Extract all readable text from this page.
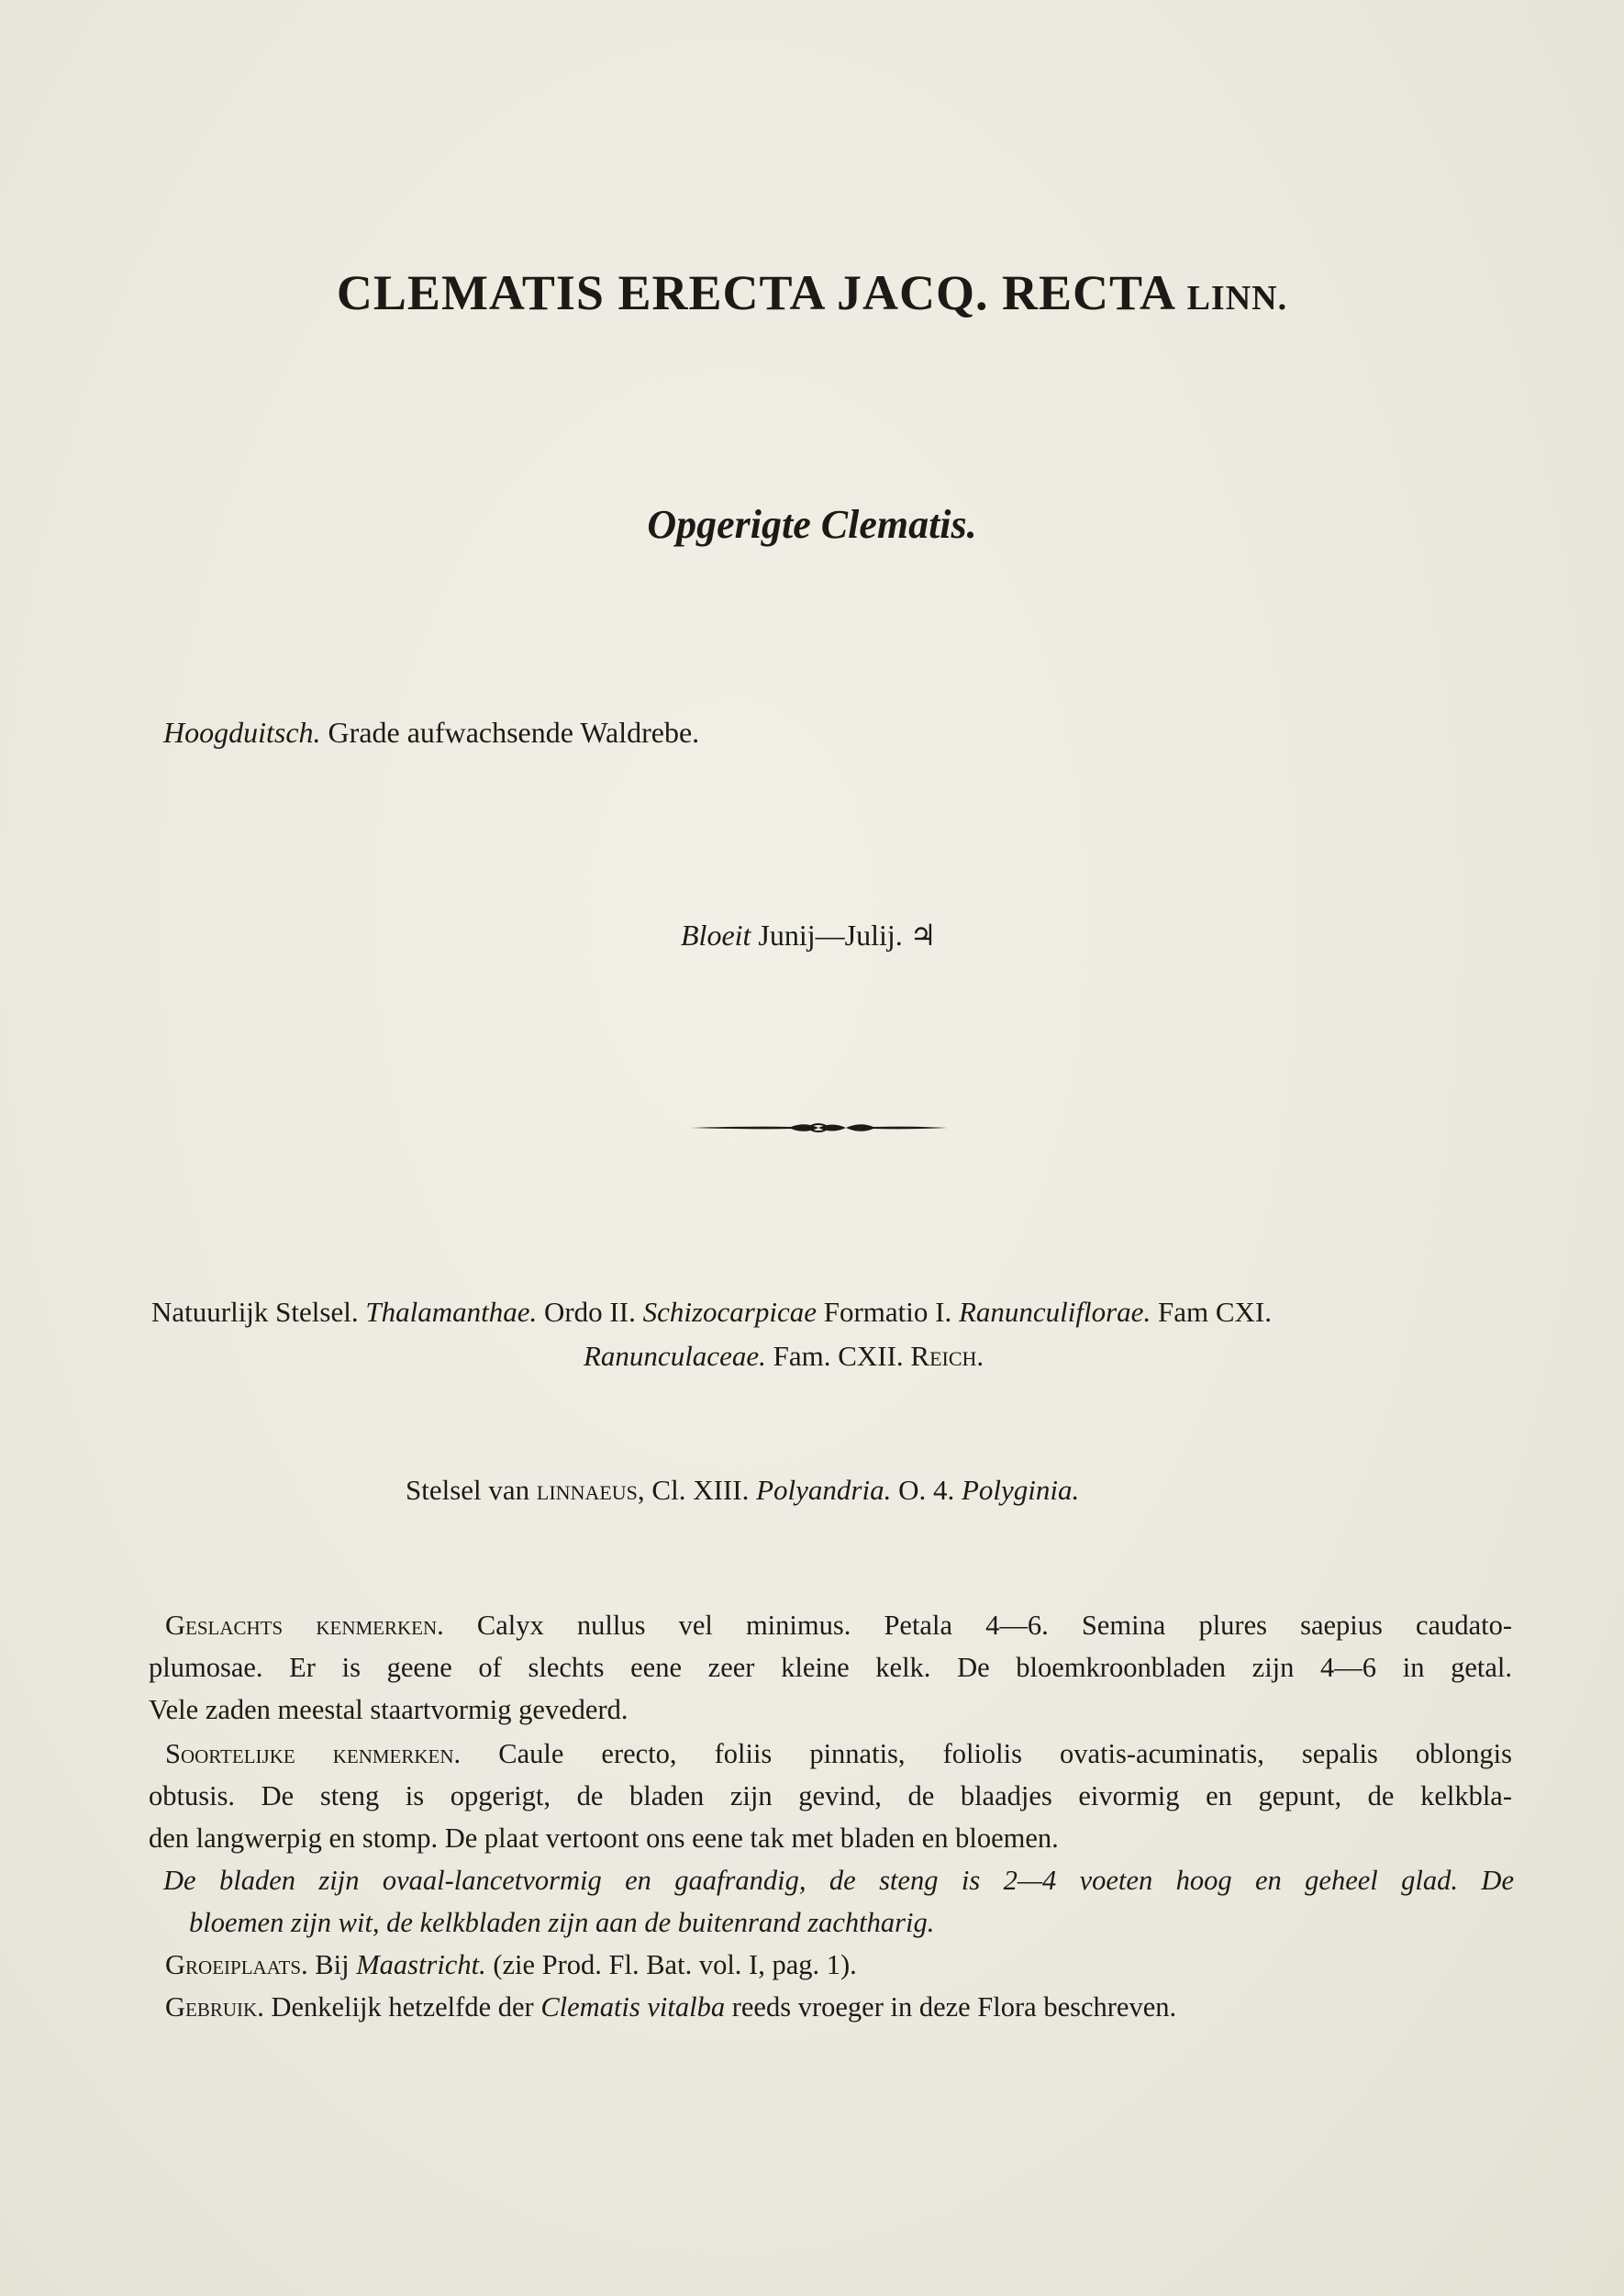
CLEMATIS ERECTA JACQ. RECTA LINN.
Opgerigte Clematis.
Hoogduitsch. Grade aufwachsende Waldrebe.
Bloeit Junij—Julij. ♃
Natuurlijk Stelsel. Thalamanthae. Ordo II. Schizocarpicae Formatio I. Ranunculiflorae. Fam CXI.
Ranunculaceae. Fam. CXII. Reich.
Stelsel van linnaeus, Cl. XIII. Polyandria. O. 4. Polyginia.
Geslachts kenmerken. Calyx nullus vel minimus. Petala 4—6. Semina plures saepius caudato-
plumosae. Er is geene of slechts eene zeer kleine kelk. De bloemkroonbladen zijn 4—6 in getal.
Vele zaden meestal staartvormig gevederd.
Soortelijke kenmerken. Caule erecto, foliis pinnatis, foliolis ovatis-acuminatis, sepalis oblongis
obtusis. De steng is opgerigt, de bladen zijn gevind, de blaadjes eivormig en gepunt, de kelkbla-
den langwerpig en stomp. De plaat vertoont ons eene tak met bladen en bloemen.
De bladen zijn ovaal-lancetvormig en gaafrandig, de steng is 2—4 voeten hoog en geheel glad. De
bloemen zijn wit, de kelkbladen zijn aan de buitenrand zachtharig.
Groeiplaats. Bij Maastricht. (zie Prod. Fl. Bat. vol. I, pag. 1).
Gebruik. Denkelijk hetzelfde der Clematis vitalba reeds vroeger in deze Flora beschreven.
